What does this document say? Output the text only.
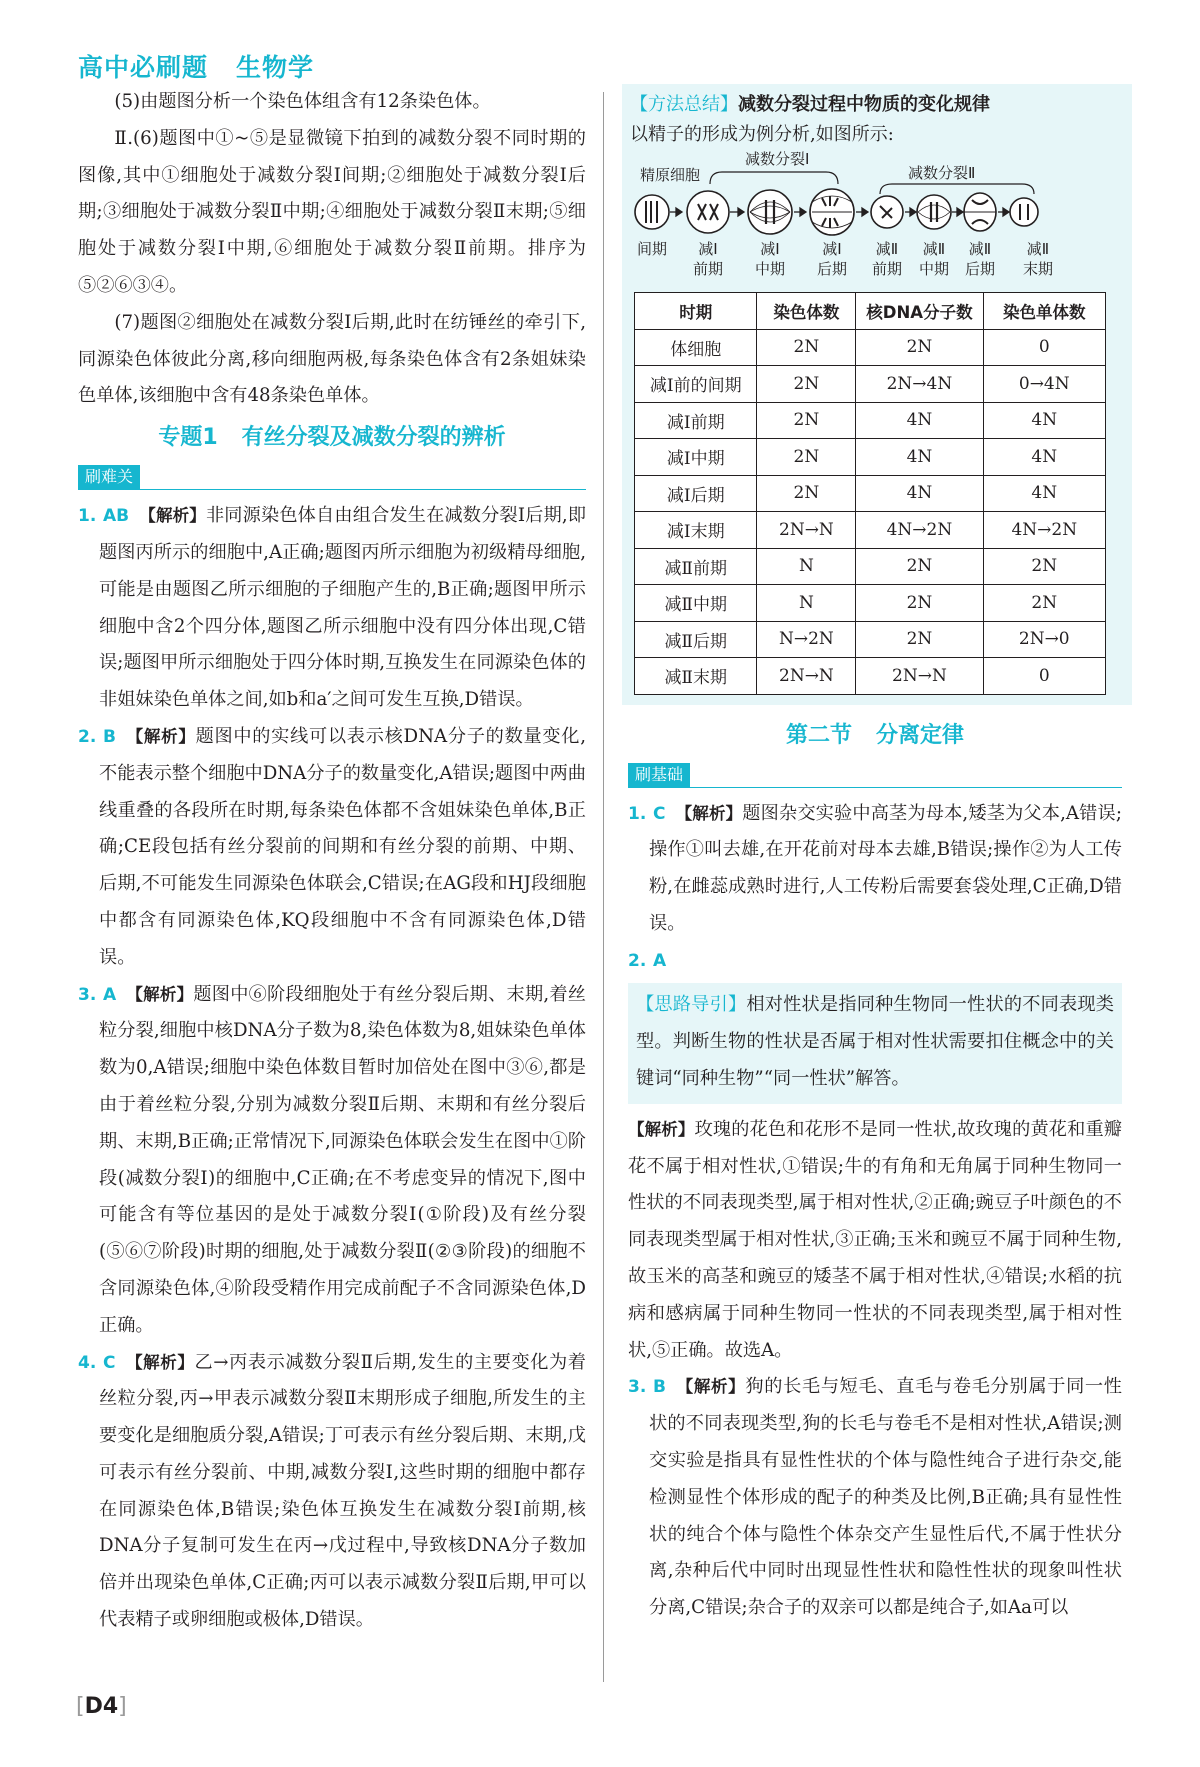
高中必刷题 生物学

(5)由题图分析一个染色体组含有12条染色体。

Ⅱ.(6)题图中①~⑤是显微镜下拍到的减数分裂不同时期的图像,其中①细胞处于减数分裂Ⅰ间期;②细胞处于减数分裂Ⅰ后期;③细胞处于减数分裂Ⅱ中期;④细胞处于减数分裂Ⅱ末期;⑤细胞处于减数分裂Ⅰ中期,⑥细胞处于减数分裂Ⅱ前期。排序为⑤②⑥③④。

(7)题图②细胞处在减数分裂Ⅰ后期,此时在纺锤丝的牵引下,同源染色体彼此分离,移向细胞两极,每条染色体含有2条姐妹染色单体,该细胞中含有48条染色单体。

专题1 有丝分裂及减数分裂的辨析
刷难关

1. AB 【解析】非同源染色体自由组合发生在减数分裂Ⅰ后期,即题图丙所示的细胞中,A正确;题图丙所示细胞为初级精母细胞,可能是由题图乙所示细胞的子细胞产生的,B正确;题图甲所示细胞中含2个四分体,题图乙所示细胞中没有四分体出现,C错误;题图甲所示细胞处于四分体时期,互换发生在同源染色体的非姐妹染色单体之间,如b和a′之间可发生互换,D错误。

2. B 【解析】题图中的实线可以表示核DNA分子的数量变化,不能表示整个细胞中DNA分子的数量变化,A错误;题图中两曲线重叠的各段所在时期,每条染色体都不含姐妹染色单体,B正确;CE段包括有丝分裂前的间期和有丝分裂的前期、中期、后期,不可能发生同源染色体联会,C错误;在AG段和HJ段细胞中都含有同源染色体,KQ段细胞中不含有同源染色体,D错误。

3. A 【解析】题图中⑥阶段细胞处于有丝分裂后期、末期,着丝粒分裂,细胞中核DNA分子数为8,染色体数为8,姐妹染色单体数为0,A错误;细胞中染色体数目暂时加倍处在图中③⑥,都是由于着丝粒分裂,分别为减数分裂Ⅱ后期、末期和有丝分裂后期、末期,B正确;正常情况下,同源染色体联会发生在图中①阶段(减数分裂Ⅰ)的细胞中,C正确;在不考虑变异的情况下,图中可能含有等位基因的是处于减数分裂Ⅰ(①阶段)及有丝分裂(⑤⑥⑦阶段)时期的细胞,处于减数分裂Ⅱ(②③阶段)的细胞不含同源染色体,④阶段受精作用完成前配子不含同源染色体,D正确。

4. C 【解析】乙→丙表示减数分裂Ⅱ后期,发生的主要变化为着丝粒分裂,丙→甲表示减数分裂Ⅱ末期形成子细胞,所发生的主要变化是细胞质分裂,A错误;丁可表示有丝分裂后期、末期,戊可表示有丝分裂前、中期,减数分裂Ⅰ,这些时期的细胞中都存在同源染色体,B错误;染色体互换发生在减数分裂Ⅰ前期,核DNA分子复制可发生在丙→戊过程中,导致核DNA分子数加倍并出现染色单体,C正确;丙可以表示减数分裂Ⅱ后期,甲可以代表精子或卵细胞或极体,D错误。

【方法总结】减数分裂过程中物质的变化规律
以精子的形成为例分析,如图所示:
精原细胞
减数分裂Ⅰ
减数分裂Ⅱ
间期 减Ⅰ
前期
减Ⅰ
中期
减Ⅰ
后期
减Ⅱ
前期
减Ⅱ
中期
减Ⅱ
后期
减Ⅱ
末期
时期	染色体数	核DNA分子数	染色单体数
体细胞	2N	2N	0
减Ⅰ前的间期	2N	2N→4N	0→4N
减Ⅰ前期	2N	4N	4N
减Ⅰ中期	2N	4N	4N
减Ⅰ后期	2N	4N	4N
减Ⅰ末期	2N→N	4N→2N	4N→2N
减Ⅱ前期	N	2N	2N
减Ⅱ中期	N	2N	2N
减Ⅱ后期	N→2N	2N	2N→0
减Ⅱ末期	2N→N	2N→N	0
第二节 分离定律
刷基础

1. C 【解析】题图杂交实验中高茎为母本,矮茎为父本,A错误;操作①叫去雄,在开花前对母本去雄,B错误;操作②为人工传粉,在雌蕊成熟时进行,人工传粉后需要套袋处理,C正确,D错误。

2. A

【思路导引】相对性状是指同种生物同一性状的不同表现类型。判断生物的性状是否属于相对性状需要扣住概念中的关键词“同种生物”“同一性状”解答。

【解析】玫瑰的花色和花形不是同一性状,故玫瑰的黄花和重瓣花不属于相对性状,①错误;牛的有角和无角属于同种生物同一性状的不同表现类型,属于相对性状,②正确;豌豆子叶颜色的不同表现类型属于相对性状,③正确;玉米和豌豆不属于同种生物,故玉米的高茎和豌豆的矮茎不属于相对性状,④错误;水稻的抗病和感病属于同种生物同一性状的不同表现类型,属于相对性状,⑤正确。故选A。

3. B 【解析】狗的长毛与短毛、直毛与卷毛分别属于同一性状的不同表现类型,狗的长毛与卷毛不是相对性状,A错误;测交实验是指具有显性性状的个体与隐性纯合子进行杂交,能检测显性个体形成的配子的种类及比例,B正确;具有显性性状的纯合个体与隐性个体杂交产生显性后代,不属于性状分离,杂种后代中同时出现显性性状和隐性性状的现象叫性状分离,C错误;杂合子的双亲可以都是纯合子,如Aa可以

[D4]
